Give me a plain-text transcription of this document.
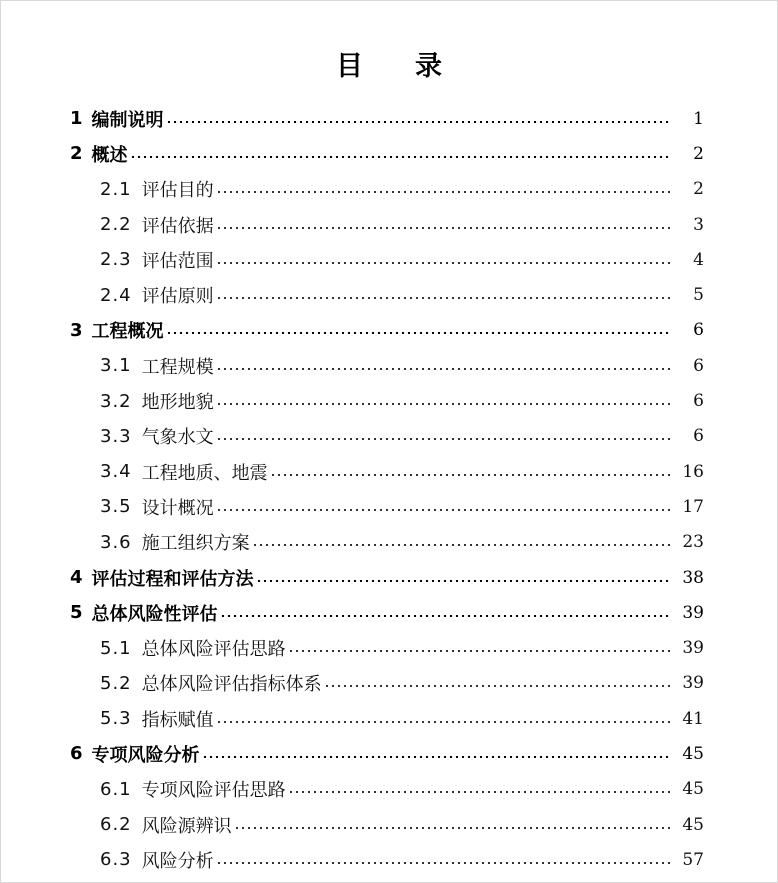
目 录
1 编制说明	1
2 概述	2
2.1 评估目的	2
2.2 评估依据	3
2.3 评估范围	4
2.4 评估原则	5
3 工程概况	6
3.1 工程规模	6
3.2 地形地貌	6
3.3 气象水文	6
3.4 工程地质、地震	16
3.5 设计概况	17
3.6 施工组织方案	23
4 评估过程和评估方法	38
5 总体风险性评估	39
5.1 总体风险评估思路	39
5.2 总体风险评估指标体系	39
5.3 指标赋值	41
6 专项风险分析	45
6.1 专项风险评估思路	45
6.2 风险源辨识	45
6.3 风险分析	57
